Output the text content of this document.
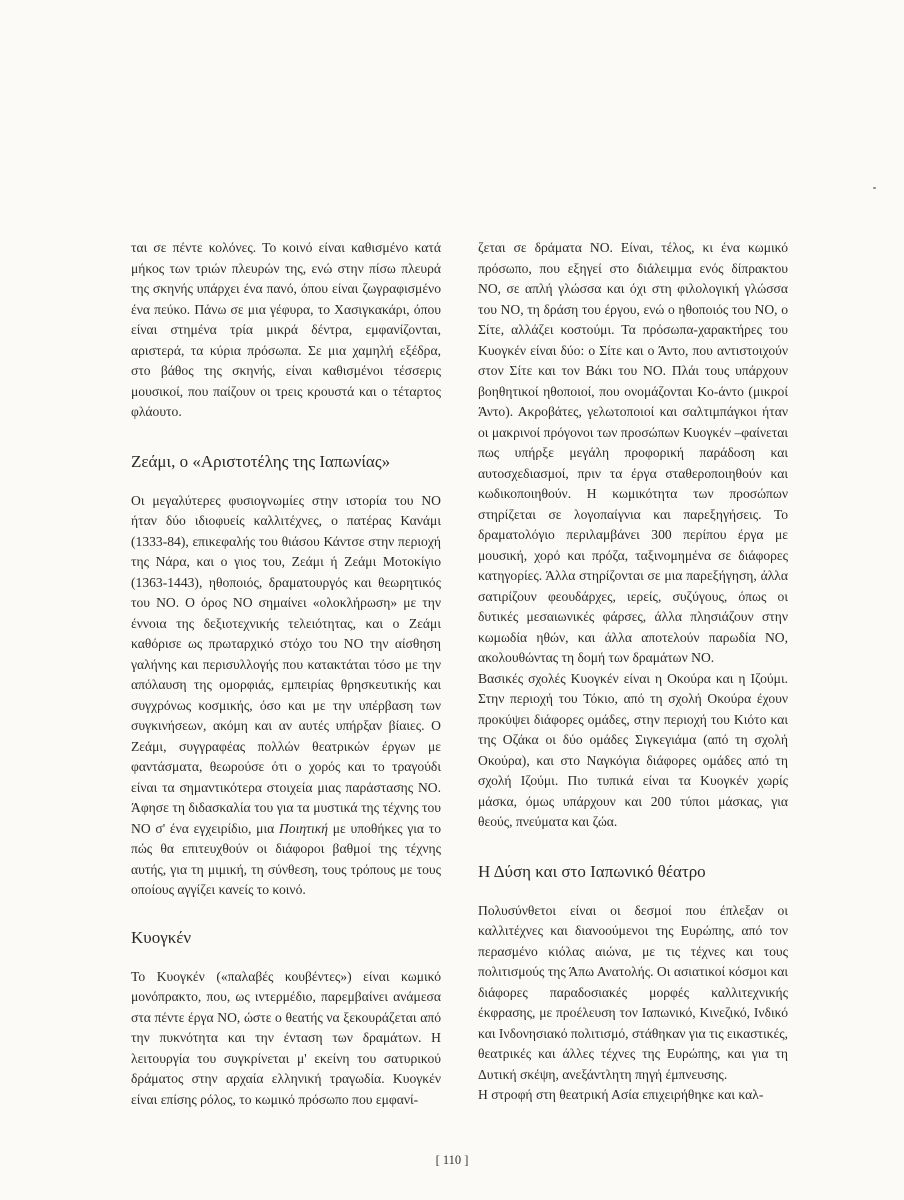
ται σε πέντε κολόνες. Το κοινό είναι καθισμένο κατά μήκος των τριών πλευρών της, ενώ στην πίσω πλευρά της σκηνής υπάρχει ένα πανό, όπου είναι ζωγραφισμένο ένα πεύκο. Πάνω σε μια γέφυρα, το Χασιγκακάρι, όπου είναι στημένα τρία μικρά δέντρα, εμφανίζονται, αριστερά, τα κύρια πρόσωπα. Σε μια χαμηλή εξέδρα, στο βάθος της σκηνής, είναι καθισμένοι τέσσερις μουσικοί, που παίζουν οι τρεις κρουστά και ο τέταρτος φλάουτο.

Ζεάμι, ο «Αριστοτέλης της Ιαπωνίας»

Οι μεγαλύτερες φυσιογνωμίες στην ιστορία του ΝΟ ήταν δύο ιδιοφυείς καλλιτέχνες, ο πατέρας Κανάμι (1333-84), επικεφαλής του θιάσου Κάντσε στην περιοχή της Νάρα, και ο γιος του, Ζεάμι ή Ζεάμι Μοτοκίγιο (1363-1443), ηθοποιός, δραματουργός και θεωρητικός του ΝΟ. Ο όρος ΝΟ σημαίνει «ολοκλήρωση» με την έννοια της δεξιοτεχνικής τελειότητας, και ο Ζεάμι καθόρισε ως πρωταρχικό στόχο του ΝΟ την αίσθηση γαλήνης και περισυλλογής που κατακτάται τόσο με την απόλαυση της ομορφιάς, εμπειρίας θρησκευτικής και συγχρόνως κοσμικής, όσο και με την υπέρβαση των συγκινήσεων, ακόμη και αν αυτές υπήρξαν βίαιες. Ο Ζεάμι, συγγραφέας πολλών θεατρικών έργων με φαντάσματα, θεωρούσε ότι ο χορός και το τραγούδι είναι τα σημαντικότερα στοιχεία μιας παράστασης ΝΟ. Άφησε τη διδασκαλία του για τα μυστικά της τέχνης του ΝΟ σ' ένα εγχειρίδιο, μια Ποιητική με υποθήκες για το πώς θα επιτευχθούν οι διάφοροι βαθμοί της τέχνης αυτής, για τη μιμική, τη σύνθεση, τους τρόπους με τους οποίους αγγίζει κανείς το κοινό.

Κυογκέν

Το Κυογκέν («παλαβές κουβέντες») είναι κωμικό μονόπρακτο, που, ως ιντερμέδιο, παρεμβαίνει ανάμεσα στα πέντε έργα ΝΟ, ώστε ο θεατής να ξεκουράζεται από την πυκνότητα και την ένταση των δραμάτων. Η λειτουργία του συγκρίνεται μ' εκείνη του σατυρικού δράματος στην αρχαία ελληνική τραγωδία. Κυογκέν είναι επίσης ρόλος, το κωμικό πρόσωπο που εμφανί-

ζεται σε δράματα ΝΟ. Είναι, τέλος, κι ένα κωμικό πρόσωπο, που εξηγεί στο διάλειμμα ενός δίπρακτου ΝΟ, σε απλή γλώσσα και όχι στη φιλολογική γλώσσα του ΝΟ, τη δράση του έργου, ενώ ο ηθοποιός του ΝΟ, ο Σίτε, αλλάζει κοστούμι. Τα πρόσωπα-χαρακτήρες του Κυογκέν είναι δύο: ο Σίτε και ο Άντο, που αντιστοιχούν στον Σίτε και τον Βάκι του ΝΟ. Πλάι τους υπάρχουν βοηθητικοί ηθοποιοί, που ονομάζονται Κο-άντο (μικροί Άντο). Ακροβάτες, γελωτοποιοί και σαλτιμπάγκοι ήταν οι μακρινοί πρόγονοι των προσώπων Κυογκέν –φαίνεται πως υπήρξε μεγάλη προφορική παράδοση και αυτοσχεδιασμοί, πριν τα έργα σταθεροποιηθούν και κωδικοποιηθούν. Η κωμικότητα των προσώπων στηρίζεται σε λογοπαίγνια και παρεξηγήσεις. Το δραματολόγιο περιλαμβάνει 300 περίπου έργα με μουσική, χορό και πρόζα, ταξινομημένα σε διάφορες κατηγορίες. Άλλα στηρίζονται σε μια παρεξήγηση, άλλα σατιρίζουν φεουδάρχες, ιερείς, συζύγους, όπως οι δυτικές μεσαιωνικές φάρσες, άλλα πλησιάζουν στην κωμωδία ηθών, και άλλα αποτελούν παρωδία ΝΟ, ακολουθώντας τη δομή των δραμάτων ΝΟ.

Βασικές σχολές Κυογκέν είναι η Οκούρα και η Ιζούμι. Στην περιοχή του Τόκιο, από τη σχολή Οκούρα έχουν προκύψει διάφορες ομάδες, στην περιοχή του Κιότο και της Οζάκα οι δύο ομάδες Σιγκεγιάμα (από τη σχολή Οκούρα), και στο Ναγκόγια διάφορες ομάδες από τη σχολή Ιζούμι. Πιο τυπικά είναι τα Κυογκέν χωρίς μάσκα, όμως υπάρχουν και 200 τύποι μάσκας, για θεούς, πνεύματα και ζώα.

Η Δύση και στο Ιαπωνικό θέατρο

Πολυσύνθετοι είναι οι δεσμοί που έπλεξαν οι καλλιτέχνες και διανοούμενοι της Ευρώπης, από τον περασμένο κιόλας αιώνα, με τις τέχνες και τους πολιτισμούς της Άπω Ανατολής. Οι ασιατικοί κόσμοι και διάφορες παραδοσιακές μορφές καλλιτεχνικής έκφρασης, με προέλευση τον Ιαπωνικό, Κινεζικό, Ινδικό και Ινδονησιακό πολιτισμό, στάθηκαν για τις εικαστικές, θεατρικές και άλλες τέχνες της Ευρώπης, και για τη Δυτική σκέψη, ανεξάντλητη πηγή έμπνευσης.

Η στροφή στη θεατρική Ασία επιχειρήθηκε και καλ-

[ 110 ]
